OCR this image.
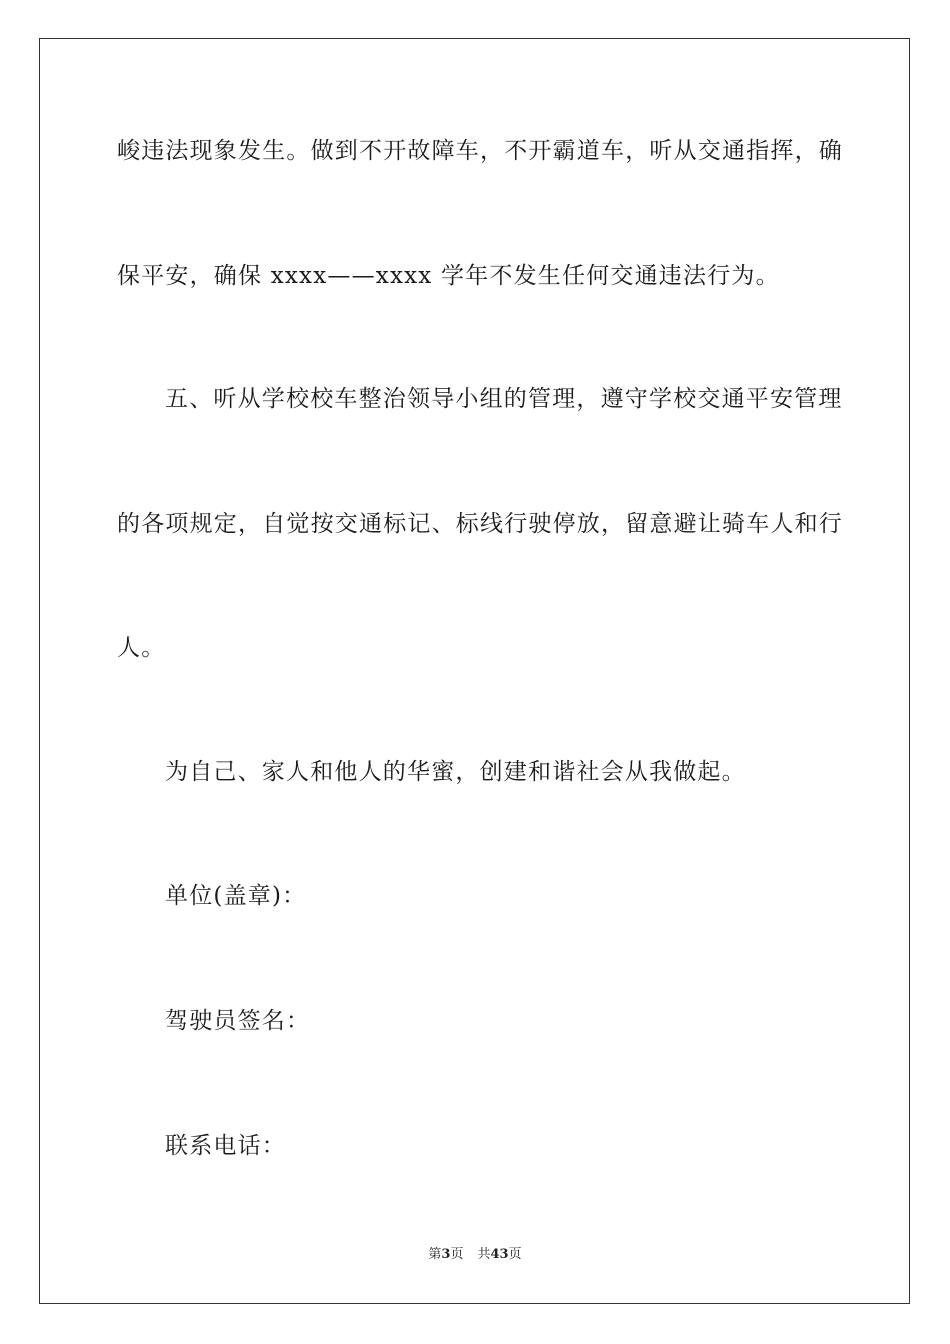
峻违法现象发生。做到不开故障车，不开霸道车，听从交通指挥，确
保平安，确保 xxxx——xxxx 学年不发生任何交通违法行为。
五、听从学校校车整治领导小组的管理，遵守学校交通平安管理
的各项规定，自觉按交通标记、标线行驶停放，留意避让骑车人和行
人。
为自己、家人和他人的华蜜，创建和谐社会从我做起。
单位(盖章)：
驾驶员签名：
联系电话：
第3页 共43页
